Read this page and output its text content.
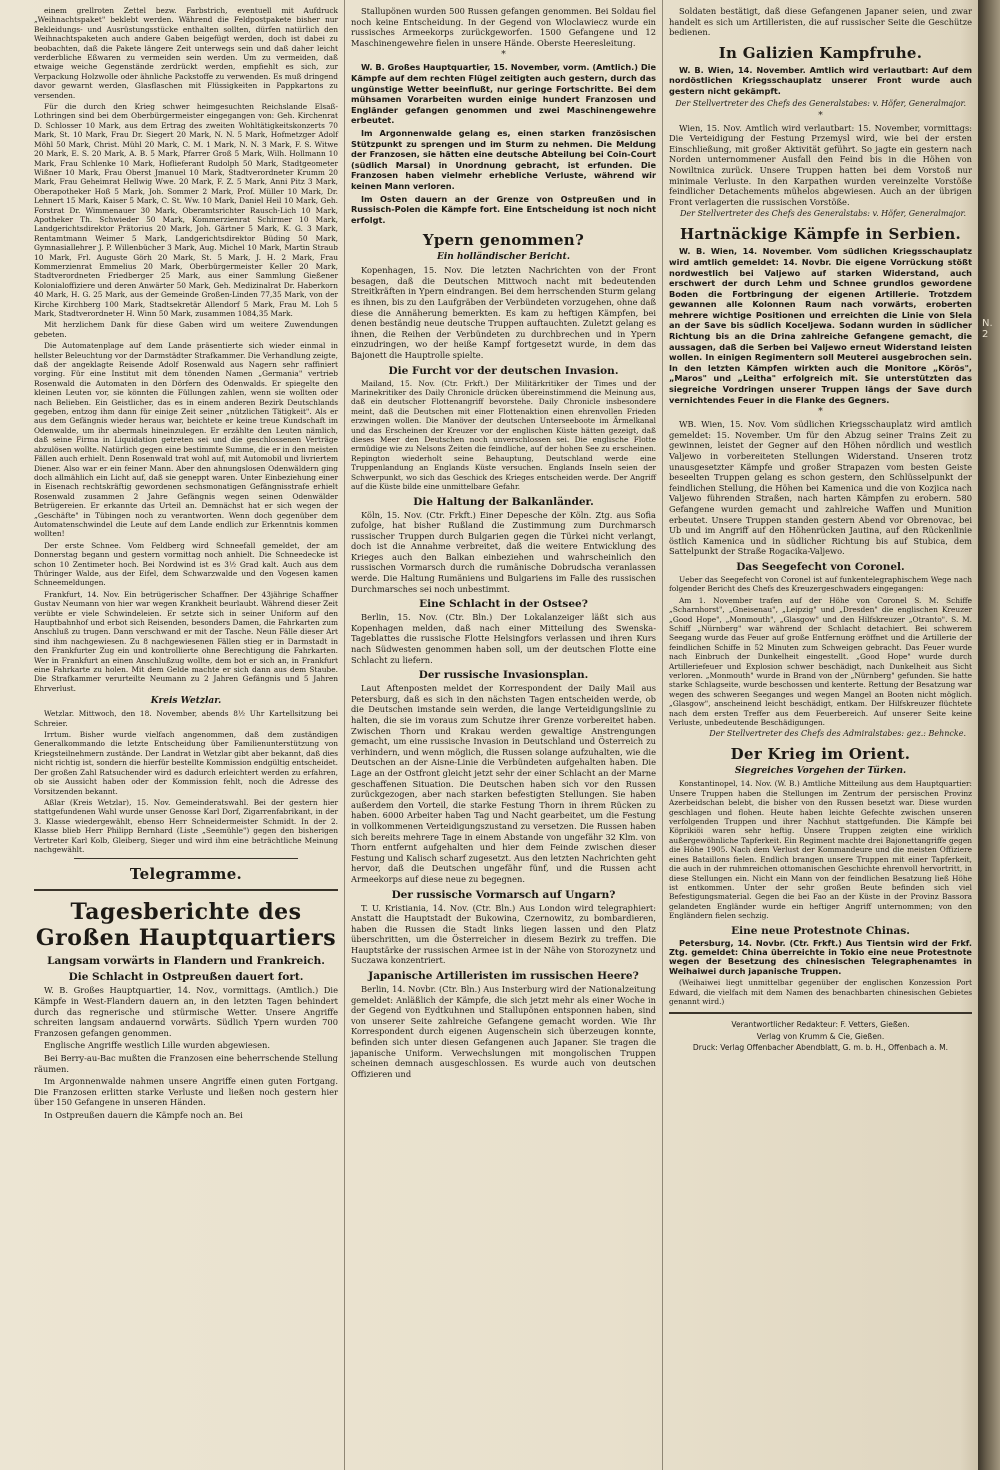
einem grellroten Zettel bezw. Farbstrich, eventuell mit Aufdruck „Weihnachtspaket" beklebt werden. Während die Feldpostpakete bisher nur Bekleidungs- und Ausrüstungsstücke enthalten sollten, dürfen natürlich den Weihnachtspaketen auch andere Gaben beigefügt werden, doch ist dabei zu beobachten, daß die Pakete längere Zeit unterwegs sein und daß daher leicht verderbliche Eßwaren zu vermeiden sein werden. Um zu vermeiden, daß etwaige weiche Gegenstände zerdrückt werden, empfiehlt es sich, zur Verpackung Holzwolle oder ähnliche Packstoffe zu verwenden. Es muß dringend davor gewarnt werden, Glasflaschen mit Flüssigkeiten in Pappkartons zu versenden.

Für die durch den Krieg schwer heimgesuchten Reichslande Elsaß-Lothringen sind bei dem Oberbürgermeister eingegangen von: Geh. Kirchenrat D. Schlosser 10 Mark, aus dem Ertrag des zweiten Wohltätigkeitskonzerts 70 Mark, St. 10 Mark, Frau Dr. Siegert 20 Mark, N. N. 5 Mark, Hofmetzger Adolf Möhl 50 Mark, Christ. Mühl 20 Mark, C. M. 1 Mark, N. N. 3 Mark, F. S. Witwe 20 Mark, E. S. 20 Mark, A. B. 5 Mark, Pfarrer Groß 5 Mark, Wilh. Hollmann 10 Mark, Frau Schlenke 10 Mark, Hoflieferant Rudolph 50 Mark, Stadtgeometer Wißner 10 Mark, Frau Oberst Jmanuel 10 Mark, Stadtverordneter Krumm 20 Mark, Frau Geheimrat Hellwig Wwe. 20 Mark, F. Z. 5 Mark, Anni Pitz 3 Mark, Oberapotheker Hoß 5 Mark, Joh. Sommer 2 Mark, Prof. Müller 10 Mark, Dr. Lehnert 15 Mark, Kaiser 5 Mark, C. St. Ww. 10 Mark, Daniel Heil 10 Mark, Geh. Forstrat Dr. Wimmenauer 30 Mark, Oberamtsrichter Rausch-Lich 10 Mark, Apotheker Th. Schwieder 50 Mark, Kommerzienrat Schirmer 10 Mark, Landgerichtsdirektor Prätorius 20 Mark, Joh. Gärtner 5 Mark, K. G. 3 Mark, Rentamtmann Weimer 5 Mark, Landgerichtsdirektor Büding 50 Mark, Gymnasiallehrer J. P. Willenbücher 3 Mark, Aug. Michel 10 Mark, Martin Straub 10 Mark, Frl. Auguste Görh 20 Mark, St. 5 Mark, J. H. 2 Mark, Frau Kommerzienrat Emmelius 20 Mark, Oberbürgermeister Keller 20 Mark, Stadtverordneten Friedberger 25 Mark, aus einer Sammlung Gießener Kolonialoffiziere und deren Anwärter 50 Mark, Geh. Medizinalrat Dr. Haberkorn 40 Mark, H. G. 25 Mark, aus der Gemeinde Großen-Linden 77,35 Mark, von der Kirche Kirchberg 100 Mark, Stadtsekretär Allendorf 5 Mark, Frau M. Loh 5 Mark, Stadtverordneter H. Winn 50 Mark, zusammen 1084,35 Mark.

Mit herzlichem Dank für diese Gaben wird um weitere Zuwendungen gebeten.

Die Automatenplage auf dem Lande präsentierte sich wieder einmal in hellster Beleuchtung vor der Darmstädter Strafkammer. Die Verhandlung zeigte, daß der angeklagte Reisende Adolf Rosenwald aus Nagern sehr raffiniert vorging. Für eine Institut mit dem tönenden Namen „Germania" vertrieb Rosenwald die Automaten in den Dörfern des Odenwalds. Er spiegelte den kleinen Leuten vor, sie könnten die Füllungen zahlen, wenn sie wollten oder nach Belieben. Ein Geistlicher, das es in einem anderen Bezirk Deutschlands gegeben, entzog ihm dann für einige Zeit seiner „nützlichen Tätigkeit". Als er aus dem Gefängnis wieder heraus war, beichtete er keine treue Kundschaft im Odenwalde, um ihr abermals hineinzulegen. Er erzählte den Leuten nämlich, daß seine Firma in Liquidation getreten sei und die geschlossenen Verträge abzulösen wollte. Natürlich gegen eine bestimmte Summe, die er in den meisten Fällen auch erhielt. Denn Rosenwald trat wohl auf, mit Automobil und livriertem Diener. Also war er ein feiner Mann. Aber den ahnungslosen Odenwäldern ging doch allmählich ein Licht auf, daß sie geneppt waren. Unter Einbeziehung einer in Eisenach rechtskräftig gewordenen sechsmonatigen Gefängnisstrafe erhielt Rosenwald zusammen 2 Jahre Gefängnis wegen seinen Odenwälder Betrügereien. Er erkannte das Urteil an. Demnächst hat er sich wegen der „Geschäfte" in Tübingen noch zu verantworten. Wenn doch gegenüber dem Automatenschwindel die Leute auf dem Lande endlich zur Erkenntnis kommen wollten!

Der erste Schnee. Vom Feldberg wird Schneefall gemeldet, der am Donnerstag begann und gestern vormittag noch anhielt. Die Schneedecke ist schon 10 Zentimeter hoch. Bei Nordwind ist es 3½ Grad kalt. Auch aus dem Thüringer Walde, aus der Eifel, dem Schwarzwalde und den Vogesen kamen Schneemeldungen.

Frankfurt, 14. Nov. Ein betrügerischer Schaffner. Der 43jährige Schaffner Gustav Neumann von hier war wegen Krankheit beurlaubt. Während dieser Zeit verübte er viele Schwindeleien. Er setzte sich in seiner Uniform auf den Hauptbahnhof und erbot sich Reisenden, besonders Damen, die Fahrkarten zum Anschluß zu trugen. Dann verschwand er mit der Tasche. Neun Fälle dieser Art sind ihm nachgewiesen. Zu 8 nachgewiesenen Fällen stieg er in Darmstadt in den Frankfurter Zug ein und kontrollierte ohne Berechtigung die Fahrkarten. Wer in Frankfurt an einen Anschlußzug wollte, dem bot er sich an, in Frankfurt eine Fahrkarte zu holen. Mit dem Gelde machte er sich dann aus dem Staube. Die Strafkammer verurteilte Neumann zu 2 Jahren Gefängnis und 5 Jahren Ehrverlust.

Kreis Wetzlar.

Wetzlar. Mittwoch, den 18. November, abends 8½ Uhr Kartellsitzung bei Schreier.

Irrtum. Bisher wurde vielfach angenommen, daß dem zuständigen Generalkommando die letzte Entscheidung über Familienunterstützung von Kriegsteilnehmern zustände. Der Landrat in Wetzlar gibt aber bekannt, daß dies nicht richtig ist, sondern die hierfür bestellte Kommission endgültig entscheidet. Der großen Zahl Ratsuchender wird es dadurch erleichtert werden zu erfahren, ob sie Aussicht haben oder der Kommission fehlt, noch die Adresse des Vorsitzenden bekannt.

Aßlar (Kreis Wetzlar), 15. Nov. Gemeinderatswahl. Bei der gestern hier stattgefundenen Wahl wurde unser Genosse Karl Dorf, Zigarrenfabrikant, in der 3. Klasse wiedergewählt, ebenso Herr Schneidermeister Schmidt. In der 2. Klasse blieb Herr Philipp Bernhard (Liste „Seemühle") gegen den bisherigen Vertreter Karl Kolb, Gleiberg, Sieger und wird ihm eine beträchtliche Meinung nachgewählt.

Telegramme.
Tagesberichte des Großen Hauptquartiers
Langsam vorwärts in Flandern und Frankreich.
Die Schlacht in Ostpreußen dauert fort.

W. B. Großes Hauptquartier, 14. Nov., vormittags. (Amtlich.) Die Kämpfe in West-Flandern dauern an, in den letzten Tagen behindert durch das regnerische und stürmische Wetter. Unsere Angriffe schreiten langsam andauernd vorwärts. Südlich Ypern wurden 700 Franzosen gefangen genommen.

Englische Angriffe westlich Lille wurden abgewiesen.

Bei Berry-au-Bac mußten die Franzosen eine beherrschende Stellung räumen.

Im Argonnenwalde nahmen unsere Angriffe einen guten Fortgang. Die Franzosen erlitten starke Verluste und ließen noch gestern hier über 150 Gefangene in unseren Händen.

In Ostpreußen dauern die Kämpfe noch an. Bei

Stallupönen wurden 500 Russen gefangen genommen. Bei Soldau fiel noch keine Entscheidung. In der Gegend von Wloclawiecz wurde ein russisches Armeekorps zurückgeworfen. 1500 Gefangene und 12 Maschinengewehre fielen in unsere Hände. Oberste Heeresleitung.

*

W. B. Großes Hauptquartier, 15. November, vorm. (Amtlich.) Die Kämpfe auf dem rechten Flügel zeitigten auch gestern, durch das ungünstige Wetter beeinflußt, nur geringe Fortschritte. Bei dem mühsamen Vorarbeiten wurden einige hundert Franzosen und Engländer gefangen genommen und zwei Maschinengewehre erbeutet.

Im Argonnenwalde gelang es, einen starken französischen Stützpunkt zu sprengen und im Sturm zu nehmen. Die Meldung der Franzosen, sie hätten eine deutsche Abteilung bei Coin-Court (südlich Marsal) in Unordnung gebracht, ist erfunden. Die Franzosen haben vielmehr erhebliche Verluste, während wir keinen Mann verloren.

Im Osten dauern an der Grenze von Ostpreußen und in Russisch-Polen die Kämpfe fort. Eine Entscheidung ist noch nicht erfolgt.

Ypern genommen?
Ein holländischer Bericht.

Kopenhagen, 15. Nov. Die letzten Nachrichten von der Front besagen, daß die Deutschen Mittwoch nacht mit bedeutenden Streitkräften in Ypern eindrangen. Bei dem herrschenden Sturm gelang es ihnen, bis zu den Laufgräben der Verbündeten vorzugehen, ohne daß diese die Annäherung bemerkten. Es kam zu heftigen Kämpfen, bei denen beständig neue deutsche Truppen auftauchten. Zuletzt gelang es ihnen, die Reihen der Verbündeten zu durchbrechen und in Ypern einzudringen, wo der heiße Kampf fortgesetzt wurde, in dem das Bajonett die Hauptrolle spielte.

Die Furcht vor der deutschen Invasion.

Mailand, 15. Nov. (Ctr. Frkft.) Der Militärkritiker der Times und der Marinekritiker des Daily Chronicle drücken übereinstimmend die Meinung aus, daß ein deutscher Flottenangriff bevorstehe. Daily Chronicle insbesondere meint, daß die Deutschen mit einer Flottenaktion einen ehrenvollen Frieden erzwingen wollen. Die Manöver der deutschen Unterseeboote im Ärmelkanal und das Erscheinen der Kreuzer vor der englischen Küste hätten gezeigt, daß dieses Meer den Deutschen noch unverschlossen sei. Die englische Flotte ermüdige wie zu Nelsons Zeiten die feindliche, auf der hohen See zu erscheinen. Repington wiederholt seine Behauptung, Deutschland werde eine Truppenlandung an Englands Küste versuchen. Englands Inseln seien der Schwerpunkt, wo sich das Geschick des Krieges entscheiden werde. Der Angriff auf die Küste bilde eine unmittelbare Gefahr.

Die Haltung der Balkanländer.

Köln, 15. Nov. (Ctr. Frkft.) Einer Depesche der Köln. Ztg. aus Sofia zufolge, hat bisher Rußland die Zustimmung zum Durchmarsch russischer Truppen durch Bulgarien gegen die Türkei nicht verlangt, doch ist die Annahme verbreitet, daß die weitere Entwicklung des Krieges auch den Balkan einbeziehen und wahrscheinlich den russischen Vormarsch durch die rumänische Dobrudscha veranlassen werde. Die Haltung Rumäniens und Bulgariens im Falle des russischen Durchmarsches sei noch unbestimmt.

Eine Schlacht in der Ostsee?

Berlin, 15. Nov. (Ctr. Bln.) Der Lokalanzeiger läßt sich aus Kopenhagen melden, daß nach einer Mitteilung des Swenska-Tageblattes die russische Flotte Helsingfors verlassen und ihren Kurs nach Südwesten genommen haben soll, um der deutschen Flotte eine Schlacht zu liefern.

Der russische Invasionsplan.

Laut Aftenposten meldet der Korrespondent der Daily Mail aus Petersburg, daß es sich in den nächsten Tagen entscheiden werde, ob die Deutschen imstande sein werden, die lange Verteidigungslinie zu halten, die sie im voraus zum Schutze ihrer Grenze vorbereitet haben. Zwischen Thorn und Krakau werden gewaltige Anstrengungen gemacht, um eine russische Invasion in Deutschland und Österreich zu verhindern, und wenn möglich, die Russen solange aufzuhalten, wie die Deutschen an der Aisne-Linie die Verbündeten aufgehalten haben. Die Lage an der Ostfront gleicht jetzt sehr der einer Schlacht an der Marne geschaffenen Situation. Die Deutschen haben sich vor den Russen zurückgezogen, aber nach starken befestigten Stellungen. Sie haben außerdem den Vorteil, die starke Festung Thorn in ihrem Rücken zu haben. 6000 Arbeiter haben Tag und Nacht gearbeitet, um die Festung in vollkommenen Verteidigungszustand zu versetzen. Die Russen haben sich bereits mehrere Tage in einem Abstande von ungefähr 32 Klm. von Thorn entfernt aufgehalten und hier dem Feinde zwischen dieser Festung und Kalisch scharf zugesetzt. Aus den letzten Nachrichten geht hervor, daß die Deutschen ungefähr fünf, und die Russen acht Armeekorps auf diese neue zu begegnen.

Der russische Vormarsch auf Ungarn?

T. U. Kristiania, 14. Nov. (Ctr. Bln.) Aus London wird telegraphiert: Anstatt die Hauptstadt der Bukowina, Czernowitz, zu bombardieren, haben die Russen die Stadt links liegen lassen und den Platz überschritten, um die Österreicher in diesem Bezirk zu treffen. Die Hauptstärke der russischen Armee ist in der Nähe von Storozynetz und Suczawa konzentriert.

Japanische Artilleristen im russischen Heere?

Berlin, 14. Novbr. (Ctr. Bln.) Aus Insterburg wird der Nationalzeitung gemeldet: Anläßlich der Kämpfe, die sich jetzt mehr als einer Woche in der Gegend von Eydtkuhnen und Stallupönen entsponnen haben, sind von unserer Seite zahlreiche Gefangene gemacht worden. Wie Ihr Korrespondent durch eigenen Augenschein sich überzeugen konnte, befinden sich unter diesen Gefangenen auch Japaner. Sie tragen die japanische Uniform. Verwechslungen mit mongolischen Truppen scheinen demnach ausgeschlossen. Es wurde auch von deutschen Offizieren und

Soldaten bestätigt, daß diese Gefangenen Japaner seien, und zwar handelt es sich um Artilleristen, die auf russischer Seite die Geschütze bedienen.

In Galizien Kampfruhe.

W. B. Wien, 14. November. Amtlich wird verlautbart: Auf dem nordöstlichen Kriegsschauplatz unserer Front wurde auch gestern nicht gekämpft.

Der Stellvertreter des Chefs des Generalstabes: v. Höfer, Generalmajor.
*

Wien, 15. Nov. Amtlich wird verlautbart: 15. November, vormittags: Die Verteidigung der Festung Przemysl wird, wie bei der ersten Einschließung, mit großer Aktivität geführt. So jagte ein gestern nach Norden unternommener Ausfall den Feind bis in die Höhen von Nowiltnica zurück. Unsere Truppen hatten bei dem Vorstoß nur minimale Verluste. In den Karpathen wurden vereinzelte Vorstöße feindlicher Detachements mühelos abgewiesen. Auch an der übrigen Front verlagerten die russischen Vorstöße.

Der Stellvertreter des Chefs des Generalstabs: v. Höfer, Generalmajor.
Hartnäckige Kämpfe in Serbien.

W. B. Wien, 14. November. Vom südlichen Kriegsschauplatz wird amtlich gemeldet: 14. Novbr. Die eigene Vorrückung stößt nordwestlich bei Valjewo auf starken Widerstand, auch erschwert der durch Lehm und Schnee grundlos gewordene Boden die Fortbringung der eigenen Artillerie. Trotzdem gewannen alle Kolonnen Raum nach vorwärts, eroberten mehrere wichtige Positionen und erreichten die Linie von Slela an der Save bis südlich Koceljewa. Sodann wurden in südlicher Richtung bis an die Drina zahlreiche Gefangene gemacht, die aussagen, daß die Serben bei Valjewo erneut Widerstand leisten wollen. In einigen Regimentern soll Meuterei ausgebrochen sein. In den letzten Kämpfen wirkten auch die Monitore „Körös", „Maros" und „Leitha" erfolgreich mit. Sie unterstützten das siegreiche Vordringen unserer Truppen längs der Save durch vernichtendes Feuer in die Flanke des Gegners.

*

WB. Wien, 15. Nov. Vom südlichen Kriegsschauplatz wird amtlich gemeldet: 15. November. Um für den Abzug seiner Trains Zeit zu gewinnen, leistet der Gegner auf den Höhen nördlich und westlich Valjewo in vorbereiteten Stellungen Widerstand. Unseren trotz unausgesetzter Kämpfe und großer Strapazen vom besten Geiste beseelten Truppen gelang es schon gestern, den Schlüsselpunkt der feindlichen Stellung, die Höhen bei Kamenica und die von Kozjica nach Valjewo führenden Straßen, nach harten Kämpfen zu erobern. 580 Gefangene wurden gemacht und zahlreiche Waffen und Munition erbeutet. Unsere Truppen standen gestern Abend vor Obrenovac, bei Ub und im Angriff auf den Höhenrücken Jautina, auf den Rückenlinie östlich Kamenica und in südlicher Richtung bis auf Stubica, dem Sattelpunkt der Straße Rogacika-Valjewo.

Das Seegefecht von Coronel.

Ueber das Seegefecht von Coronel ist auf funkentelegraphischem Wege nach folgender Bericht des Chefs des Kreuzergeschwaders eingegangen:

Am 1. November trafen auf der Höhe von Coronel S. M. Schiffe „Scharnhorst", „Gneisenau", „Leipzig" und „Dresden" die englischen Kreuzer „Good Hope", „Monmouth", „Glasgow" und den Hilfskreuzer „Otranto". S. M. Schiff „Nürnberg" war während der Schlacht detachiert. Bei schwerem Seegang wurde das Feuer auf große Entfernung eröffnet und die Artillerie der feindlichen Schiffe in 52 Minuten zum Schweigen gebracht. Das Feuer wurde nach Einbruch der Dunkelheit eingestellt. „Good Hope" wurde durch Artilleriefeuer und Explosion schwer beschädigt, nach Dunkelheit aus Sicht verloren. „Monmouth" wurde in Brand von der „Nürnberg" gefunden. Sie hatte starke Schlagseite, wurde beschossen und kenterte. Rettung der Besatzung war wegen des schweren Seeganges und wegen Mangel an Booten nicht möglich. „Glasgow", anscheinend leicht beschädigt, entkam. Der Hilfskreuzer flüchtete nach dem ersten Treffer aus dem Feuerbereich. Auf unserer Seite keine Verluste, unbedeutende Beschädigungen.

Der Stellvertreter des Chefs des Admiralstabes: gez.: Behncke.
Der Krieg im Orient.
Siegreiches Vorgehen der Türken.

Konstantinopel, 14. Nov. (W. B.) Amtliche Mitteilung aus dem Hauptquartier: Unsere Truppen haben die Stellungen im Zentrum der persischen Provinz Azerbeidschan belebt, die bisher von den Russen besetzt war. Diese wurden geschlagen und flohen. Heute haben leichte Gefechte zwischen unseren verfolgenden Truppen und ihrer Nachhut stattgefunden. Die Kämpfe bei Köprikiöi waren sehr heftig. Unsere Truppen zeigten eine wirklich außergewöhnliche Tapferkeit. Ein Regiment machte drei Bajonettangriffe gegen die Höhe 1905. Nach dem Verlust der Kommandeure und die meisten Offiziere eines Bataillons fielen. Endlich brangen unsere Truppen mit einer Tapferkeit, die auch in der ruhmreichen ottomanischen Geschichte ehrenvoll hervortritt, in diese Stellungen ein. Nicht ein Mann von der feindlichen Besatzung ließ Höhe ist entkommen. Unter der sehr großen Beute befinden sich viel Befestigungsmaterial. Gegen die bei Fao an der Küste in der Provinz Bassora gelandeten Engländer wurde ein heftiger Angriff unternommen; von den Engländern fielen sechzig.

Eine neue Protestnote Chinas.

Petersburg, 14. Novbr. (Ctr. Frkft.) Aus Tientsin wird der Frkf. Ztg. gemeldet: China überreichte in Tokio eine neue Protestnote wegen der Besetzung des chinesischen Telegraphenamtes in Weihaiwei durch japanische Truppen.

(Weihaiwei liegt unmittelbar gegenüber der englischen Konzession Port Edward, die vielfach mit dem Namen des benachbarten chinesischen Gebietes genannt wird.)

Verantwortlicher Redakteur: F. Vetters, Gießen.
Verlag von Krumm & Cie, Gießen.
Druck: Verlag Offenbacher Abendblatt, G. m. b. H., Offenbach a. M.
N. 2
